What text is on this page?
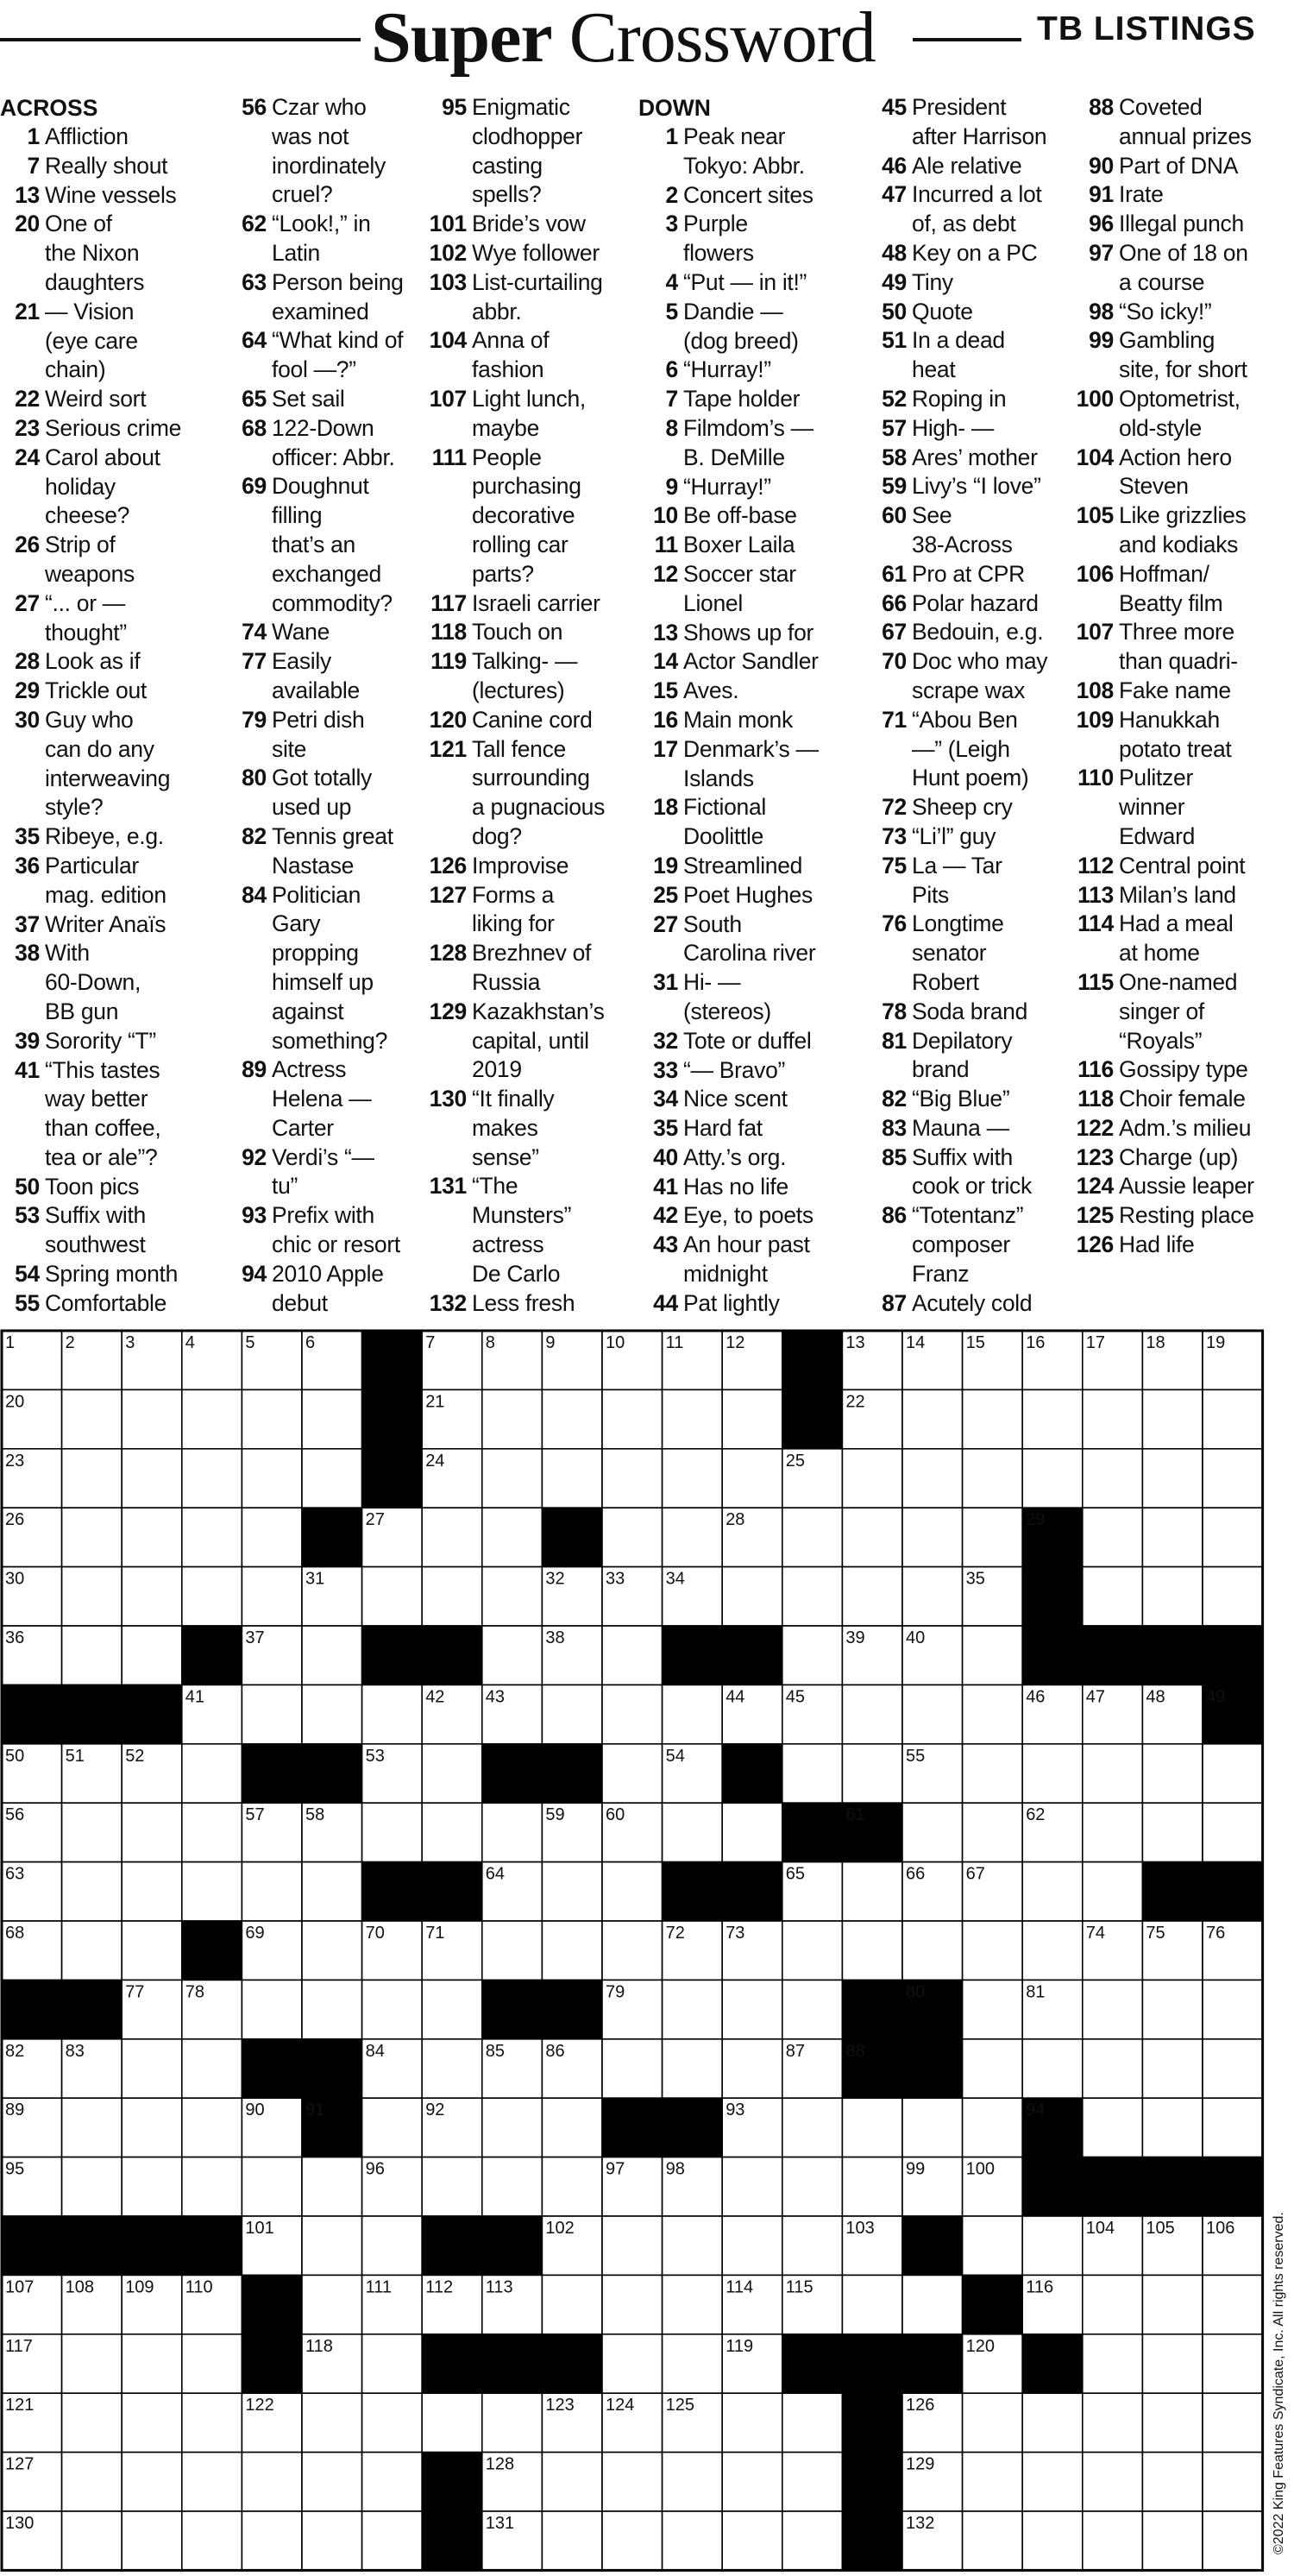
Super Crossword	TB LISTINGS
ACROSS
1 Affliction
7 Really shout
13 Wine vessels
20 One of
the Nixon
daughters
21 — Vision
(eye care
chain)
22 Weird sort
23 Serious crime
24 Carol about
holiday
cheese?
26 Strip of
weapons
27 “... or —
thought”
28 Look as if
29 Trickle out
30 Guy who
can do any
interweaving
style?
35 Ribeye, e.g.
36 Particular
mag. edition
37 Writer Anaïs
38 With
60-Down,
BB gun
39 Sorority “T”
41 “This tastes
way better
than coffee,
tea or ale”?
50 Toon pics
53 Suffix with
southwest
54 Spring month
55 Comfortable
56 Czar who
was not
inordinately
cruel?
62 “Look!,” in
Latin
63 Person being
examined
64 “What kind of
fool —?”
65 Set sail
68 122-Down
officer: Abbr.
69 Doughnut
filling
that’s an
exchanged
commodity?
74 Wane
77 Easily
available
79 Petri dish
site
80 Got totally
used up
82 Tennis great
Nastase
84 Politician
Gary
propping
himself up
against
something?
89 Actress
Helena —
Carter
92 Verdi’s “—
tu”
93 Prefix with
chic or resort
94 2010 Apple
debut
95 Enigmatic
clodhopper
casting
spells?
101 Bride’s vow
102 Wye follower
103 List-curtailing
abbr.
104 Anna of
fashion
107 Light lunch,
maybe
111 People
purchasing
decorative
rolling car
parts?
117 Israeli carrier
118 Touch on
119 Talking- —
(lectures)
120 Canine cord
121 Tall fence
surrounding
a pugnacious
dog?
126 Improvise
127 Forms a
liking for
128 Brezhnev of
Russia
129 Kazakhstan’s
capital, until
2019
130 “It finally
makes
sense”
131 “The
Munsters”
actress
De Carlo
132 Less fresh
DOWN
1 Peak near
Tokyo: Abbr.
2 Concert sites
3 Purple
flowers
4 “Put — in it!”
5 Dandie —
(dog breed)
6 “Hurray!”
7 Tape holder
8 Filmdom’s —
B. DeMille
9 “Hurray!”
10 Be off-base
11 Boxer Laila
12 Soccer star
Lionel
13 Shows up for
14 Actor Sandler
15 Aves.
16 Main monk
17 Denmark’s —
Islands
18 Fictional
Doolittle
19 Streamlined
25 Poet Hughes
27 South
Carolina river
31 Hi- —
(stereos)
32 Tote or duffel
33 “— Bravo”
34 Nice scent
35 Hard fat
40 Atty.’s org.
41 Has no life
42 Eye, to poets
43 An hour past
midnight
44 Pat lightly
45 President
after Harrison
46 Ale relative
47 Incurred a lot
of, as debt
48 Key on a PC
49 Tiny
50 Quote
51 In a dead
heat
52 Roping in
57 High- —
58 Ares’ mother
59 Livy’s “I love”
60 See
38-Across
61 Pro at CPR
66 Polar hazard
67 Bedouin, e.g.
70 Doc who may
scrape wax
71 “Abou Ben
—” (Leigh
Hunt poem)
72 Sheep cry
73 “Li’l” guy
75 La — Tar
Pits
76 Longtime
senator
Robert
78 Soda brand
81 Depilatory
brand
82 “Big Blue”
83 Mauna —
85 Suffix with
cook or trick
86 “Totentanz”
composer
Franz
87 Acutely cold
88 Coveted
annual prizes
90 Part of DNA
91 Irate
96 Illegal punch
97 One of 18 on
a course
98 “So icky!”
99 Gambling
site, for short
100 Optometrist,
old-style
104 Action hero
Steven
105 Like grizzlies
and kodiaks
106 Hoffman/
Beatty film
107 Three more
than quadri-
108 Fake name
109 Hanukkah
potato treat
110 Pulitzer
winner
Edward
112 Central point
113 Milan’s land
114 Had a meal
at home
115 One-named
singer of
“Royals”
116 Gossipy type
118 Choir female
122 Adm.’s milieu
123 Charge (up)
124 Aussie leaper
125 Resting place
126 Had life
1	2	3	4	5	6	7	8	9	10 11 12	13 14 15 16 17 18 19
20	21	22
23	24	25
26	27	28	29
30	31	32 33 34	35
36	37	38	39 40
41	42 43	44 45	46 47 48 49
50 51 52	53	54	55
56	57 58	59 60	61	62
63	64	65	66 67
68	69	70 71	72 73	74 75 76
77 78	79	80	81
82 83	84	85 86	87 88
89	90 91	92	93	94
95	96	97 98	99 100
101	102	103	104 105 106
107 108 109 110	111 112 113	114 115	116
117	118	119	120
121	122	123 124 125	126
127	128	129
130	131	132	©2022 King Features Syndicate, Inc. All rights reserved.
